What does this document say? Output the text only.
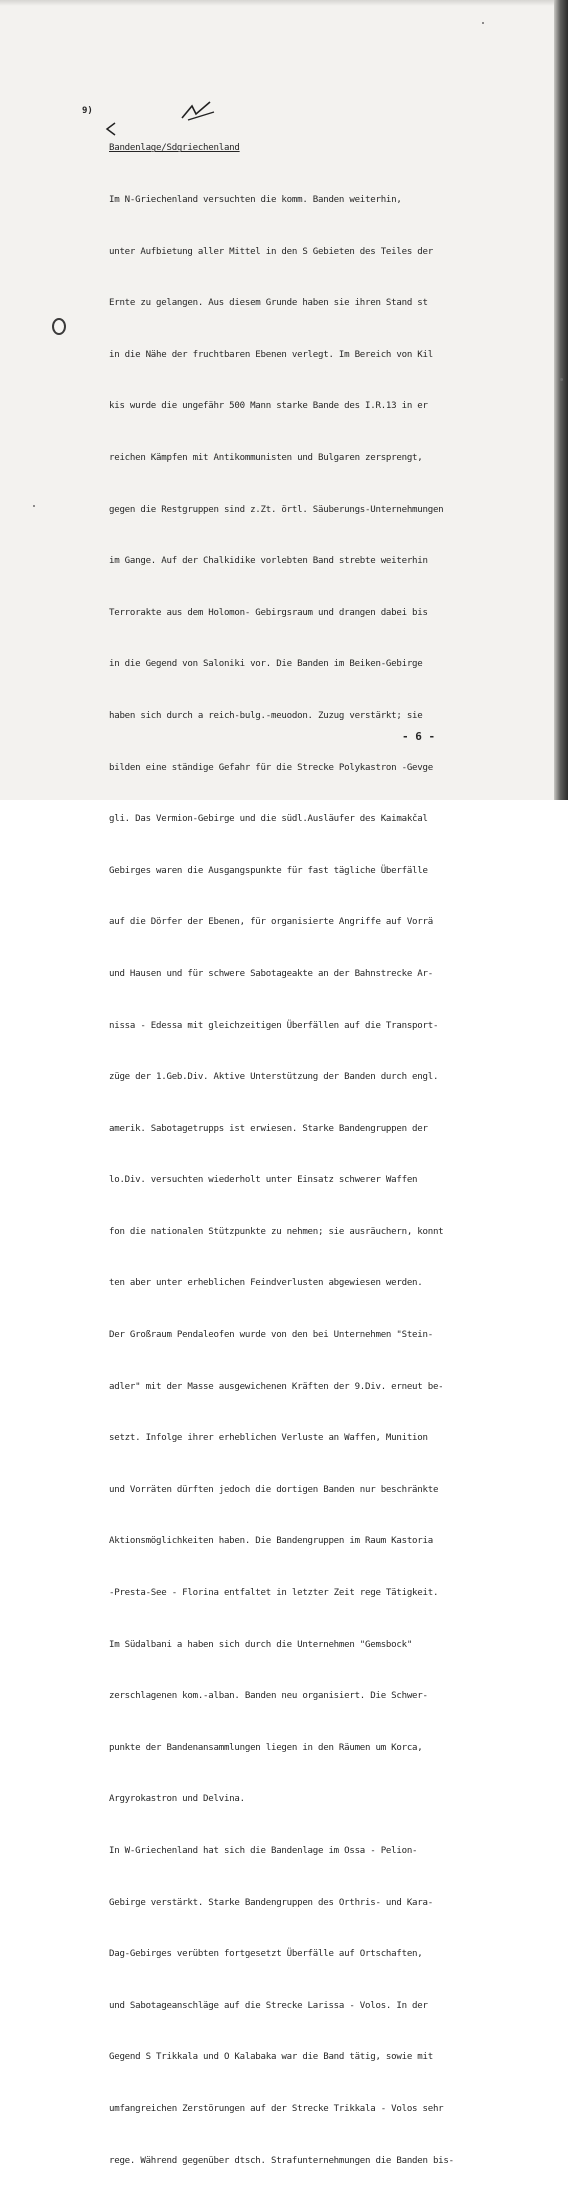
9)

Bandenlage/Sdgriechenland

Im N-Griechenland versuchten die komm. Banden weiterhin,

unter Aufbietung aller Mittel in den S Gebieten des Teiles der

Ernte zu gelangen. Aus diesem Grunde haben sie ihren Stand st

in die Nähe der fruchtbaren Ebenen verlegt. Im Bereich von Kil

kis wurde die ungefähr 500 Mann starke Bande des I.R.13 in er

reichen Kämpfen mit Antikommunisten und Bulgaren zersprengt,

gegen die Restgruppen sind z.Zt. örtl. Säuberungs-Unternehmungen

im Gange. Auf der Chalkidike vorlebten Band strebte weiterhin

Terrorakte aus dem Holomon- Gebirgsraum und drangen dabei bis

in die Gegend von Saloniki vor. Die Banden im Beiken-Gebirge

haben sich durch a reich-bulg.-meuodon. Zuzug verstärkt; sie

bilden eine ständige Gefahr für die Strecke Polykastron -Gevge

gli. Das Vermion-Gebirge und die südl.Ausläufer des Kaimakčal

Gebirges waren die Ausgangspunkte für fast tägliche Überfälle

auf die Dörfer der Ebenen, für organisierte Angriffe auf Vorrä

und Hausen und für schwere Sabotageakte an der Bahnstrecke Ar-

nissa - Edessa mit gleichzeitigen Überfällen auf die Transport-

züge der 1.Geb.Div. Aktive Unterstützung der Banden durch engl.

amerik. Sabotagetrupps ist erwiesen. Starke Bandengruppen der

lo.Div. versuchten wiederholt unter Einsatz schwerer Waffen

fon die nationalen Stützpunkte zu nehmen; sie ausräuchern, konnt

ten aber unter erheblichen Feindverlusten abgewiesen werden.

Der Großraum Pendaleofen wurde von den bei Unternehmen "Stein-

adler" mit der Masse ausgewichenen Kräften der 9.Div. erneut be-

setzt. Infolge ihrer erheblichen Verluste an Waffen, Munition

und Vorräten dürften jedoch die dortigen Banden nur beschränkte

Aktionsmöglichkeiten haben. Die Bandengruppen im Raum Kastoria

-Presta-See - Florina entfaltet in letzter Zeit rege Tätigkeit.

Im Südalbani a haben sich durch die Unternehmen "Gemsbock"

zerschlagenen kom.-alban. Banden neu organisiert. Die Schwer-

punkte der Bandenansammlungen liegen in den Räumen um Korca,

Argyrokastron und Delvina.

In W-Griechenland hat sich die Bandenlage im Ossa - Pelion-

Gebirge verstärkt. Starke Bandengruppen des Orthris- und Kara-

Dag-Gebirges verübten fortgesetzt Überfälle auf Ortschaften,

und Sabotageanschläge auf die Strecke Larissa - Volos. In der

Gegend S Trikkala und O Kalabaka war die Band tätig, sowie mit

umfangreichen Zerstörungen auf der Strecke Trikkala - Volos sehr

rege. Während gegenüber dtsch. Strafunternehmungen die Banden bis-

- 6 -
